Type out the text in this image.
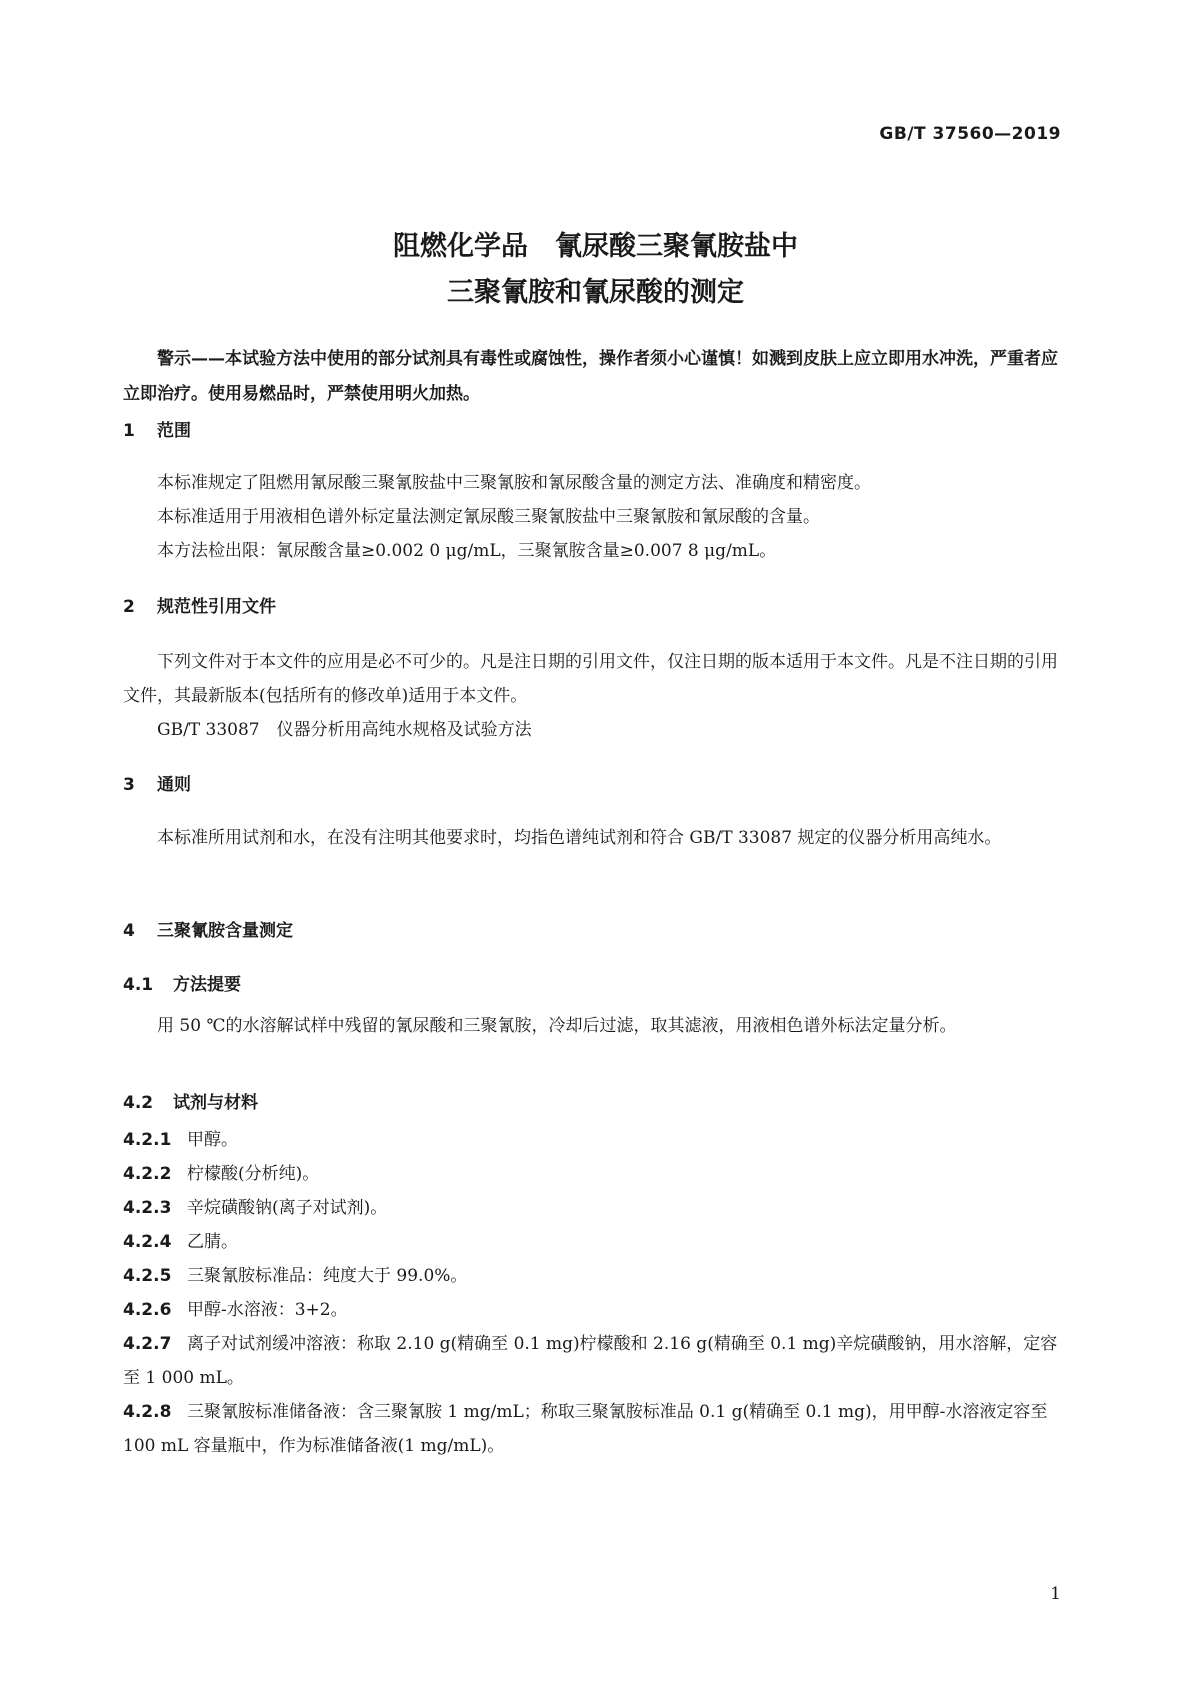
GB/T 37560—2019
阻燃化学品　氰尿酸三聚氰胺盐中
三聚氰胺和氰尿酸的测定
警示——本试验方法中使用的部分试剂具有毒性或腐蚀性，操作者须小心谨慎！如溅到皮肤上应立即用水冲洗，严重者应立即治疗。使用易燃品时，严禁使用明火加热。
1 范围

本标准规定了阻燃用氰尿酸三聚氰胺盐中三聚氰胺和氰尿酸含量的测定方法、准确度和精密度。

本标准适用于用液相色谱外标定量法测定氰尿酸三聚氰胺盐中三聚氰胺和氰尿酸的含量。

本方法检出限：氰尿酸含量≥0.002 0 μg/mL，三聚氰胺含量≥0.007 8 μg/mL。

2 规范性引用文件

下列文件对于本文件的应用是必不可少的。凡是注日期的引用文件，仅注日期的版本适用于本文件。凡是不注日期的引用文件，其最新版本(包括所有的修改单)适用于本文件。

GB/T 33087　仪器分析用高纯水规格及试验方法

3 通则

本标准所用试剂和水，在没有注明其他要求时，均指色谱纯试剂和符合 GB/T 33087 规定的仪器分析用高纯水。

4 三聚氰胺含量测定
4.1 方法提要

用 50 ℃的水溶解试样中残留的氰尿酸和三聚氰胺，冷却后过滤，取其滤液，用液相色谱外标法定量分析。

4.2 试剂与材料
4.2.1 甲醇。
4.2.2 柠檬酸(分析纯)。
4.2.3 辛烷磺酸钠(离子对试剂)。
4.2.4 乙腈。
4.2.5 三聚氰胺标准品：纯度大于 99.0%。
4.2.6 甲醇-水溶液：3+2。
4.2.7 离子对试剂缓冲溶液：称取 2.10 g(精确至 0.1 mg)柠檬酸和 2.16 g(精确至 0.1 mg)辛烷磺酸钠，用水溶解，定容至 1 000 mL。
4.2.8 三聚氰胺标准储备液：含三聚氰胺 1 mg/mL；称取三聚氰胺标准品 0.1 g(精确至 0.1 mg)，用甲醇-水溶液定容至 100 mL 容量瓶中，作为标准储备液(1 mg/mL)。
1
